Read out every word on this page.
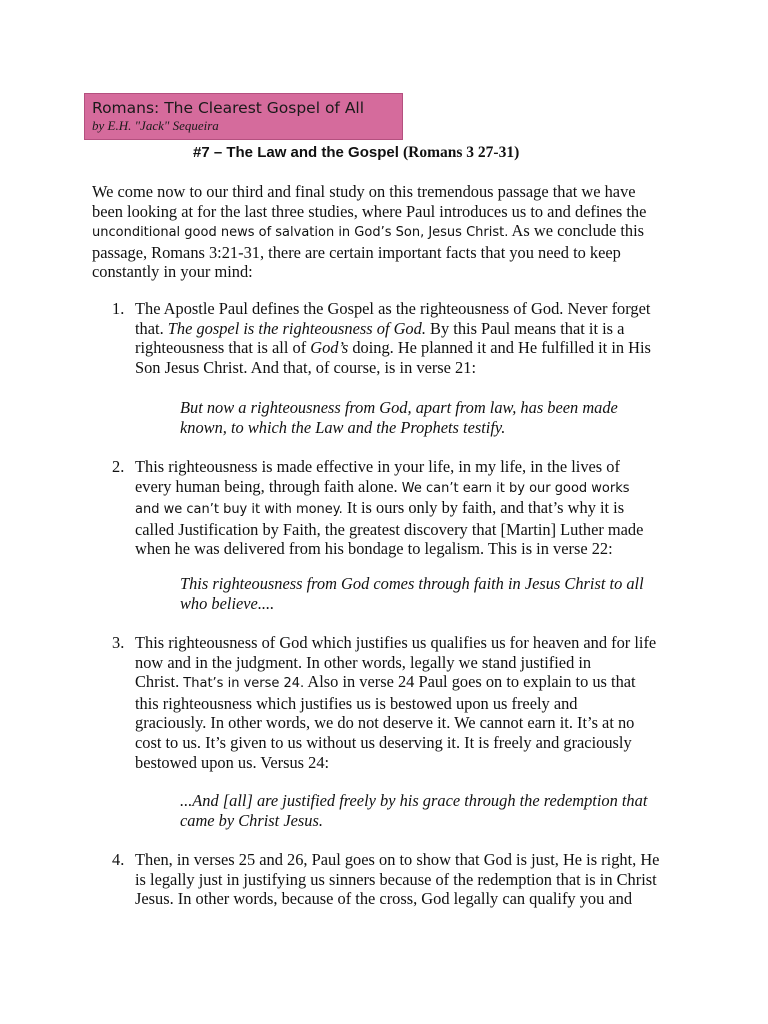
Romans: The Clearest Gospel of All

by E.H. "Jack" Sequeira

#7 – The Law and the Gospel (Romans 3 27-31)
We come now to our third and final study on this tremendous passage that we have
been looking at for the last three studies, where Paul introduces us to and defines the
unconditional good news of salvation in God’s Son, Jesus Christ. As we conclude this
passage, Romans 3:21-31, there are certain important facts that you need to keep
constantly in your mind:
1. The Apostle Paul defines the Gospel as the righteousness of God. Never forget
that. The gospel is the righteousness of God. By this Paul means that it is a
righteousness that is all of God’s doing. He planned it and He fulfilled it in His
Son Jesus Christ. And that, of course, is in verse 21:
But now a righteousness from God, apart from law, has been made
known, to which the Law and the Prophets testify.
2. This righteousness is made effective in your life, in my life, in the lives of
every human being, through faith alone. We can’t earn it by our good works
and we can’t buy it with money. It is ours only by faith, and that’s why it is
called Justification by Faith, the greatest discovery that [Martin] Luther made
when he was delivered from his bondage to legalism. This is in verse 22:
This righteousness from God comes through faith in Jesus Christ to all
who believe....
3. This righteousness of God which justifies us qualifies us for heaven and for life
now and in the judgment. In other words, legally we stand justified in
Christ. That’s in verse 24. Also in verse 24 Paul goes on to explain to us that
this righteousness which justifies us is bestowed upon us freely and
graciously. In other words, we do not deserve it. We cannot earn it. It’s at no
cost to us. It’s given to us without us deserving it. It is freely and graciously
bestowed upon us. Versus 24:
...And [all] are justified freely by his grace through the redemption that
came by Christ Jesus.
4. Then, in verses 25 and 26, Paul goes on to show that God is just, He is right, He
is legally just in justifying us sinners because of the redemption that is in Christ
Jesus. In other words, because of the cross, God legally can qualify you and
